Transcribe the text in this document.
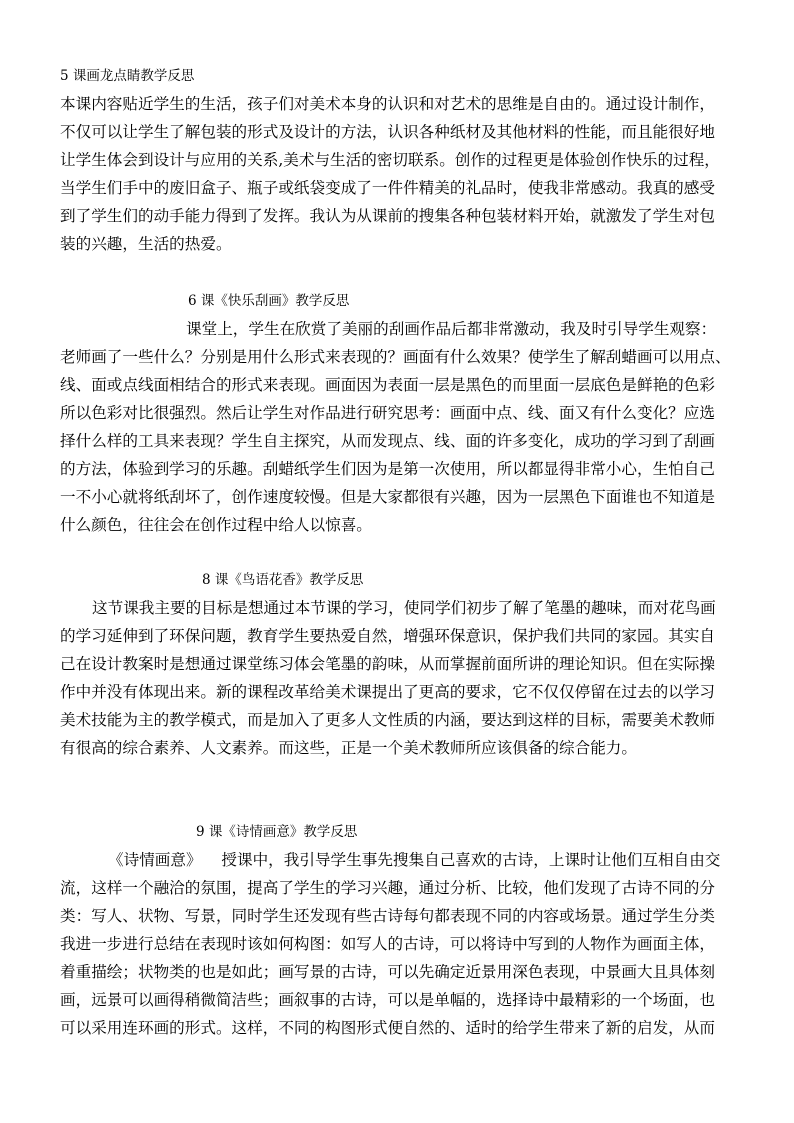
5 课画龙点睛教学反思
本课内容贴近学生的生活，孩子们对美术本身的认识和对艺术的思维是自由的。通过设计制作，
不仅可以让学生了解包装的形式及设计的方法，认识各种纸材及其他材料的性能，而且能很好地
让学生体会到设计与应用的关系,美术与生活的密切联系。创作的过程更是体验创作快乐的过程，
当学生们手中的废旧盒子、瓶子或纸袋变成了一件件精美的礼品时，使我非常感动。我真的感受
到了学生们的动手能力得到了发挥。我认为从课前的搜集各种包装材料开始，就激发了学生对包
装的兴趣，生活的热爱。
6 课《快乐刮画》教学反思
课堂上，学生在欣赏了美丽的刮画作品后都非常激动，我及时引导学生观察：
老师画了一些什么？分别是用什么形式来表现的？画面有什么效果？使学生了解刮蜡画可以用点、
线、面或点线面相结合的形式来表现。画面因为表面一层是黑色的而里面一层底色是鲜艳的色彩
所以色彩对比很强烈。然后让学生对作品进行研究思考：画面中点、线、面又有什么变化？应选
择什么样的工具来表现？学生自主探究，从而发现点、线、面的许多变化，成功的学习到了刮画
的方法，体验到学习的乐趣。刮蜡纸学生们因为是第一次使用，所以都显得非常小心，生怕自己
一不小心就将纸刮坏了，创作速度较慢。但是大家都很有兴趣，因为一层黑色下面谁也不知道是
什么颜色，往往会在创作过程中给人以惊喜。
8 课《鸟语花香》教学反思
这节课我主要的目标是想通过本节课的学习，使同学们初步了解了笔墨的趣味，而对花鸟画
的学习延伸到了环保问题，教育学生要热爱自然，增强环保意识，保护我们共同的家园。其实自
己在设计教案时是想通过课堂练习体会笔墨的韵味，从而掌握前面所讲的理论知识。但在实际操
作中并没有体现出来。新的课程改革给美术课提出了更高的要求，它不仅仅停留在过去的以学习
美术技能为主的教学模式，而是加入了更多人文性质的内涵，要达到这样的目标，需要美术教师
有很高的综合素养、人文素养。而这些，正是一个美术教师所应该俱备的综合能力。
9 课《诗情画意》教学反思
《诗情画意》    授课中，我引导学生事先搜集自己喜欢的古诗，上课时让他们互相自由交
流，这样一个融洽的氛围，提高了学生的学习兴趣，通过分析、比较，他们发现了古诗不同的分
类：写人、状物、写景，同时学生还发现有些古诗每句都表现不同的内容或场景。通过学生分类
我进一步进行总结在表现时该如何构图：如写人的古诗，可以将诗中写到的人物作为画面主体，
着重描绘；状物类的也是如此；画写景的古诗，可以先确定近景用深色表现，中景画大且具体刻
画，远景可以画得稍微简洁些；画叙事的古诗，可以是单幅的，选择诗中最精彩的一个场面，也
可以采用连环画的形式。这样，不同的构图形式便自然的、适时的给学生带来了新的启发，从而
